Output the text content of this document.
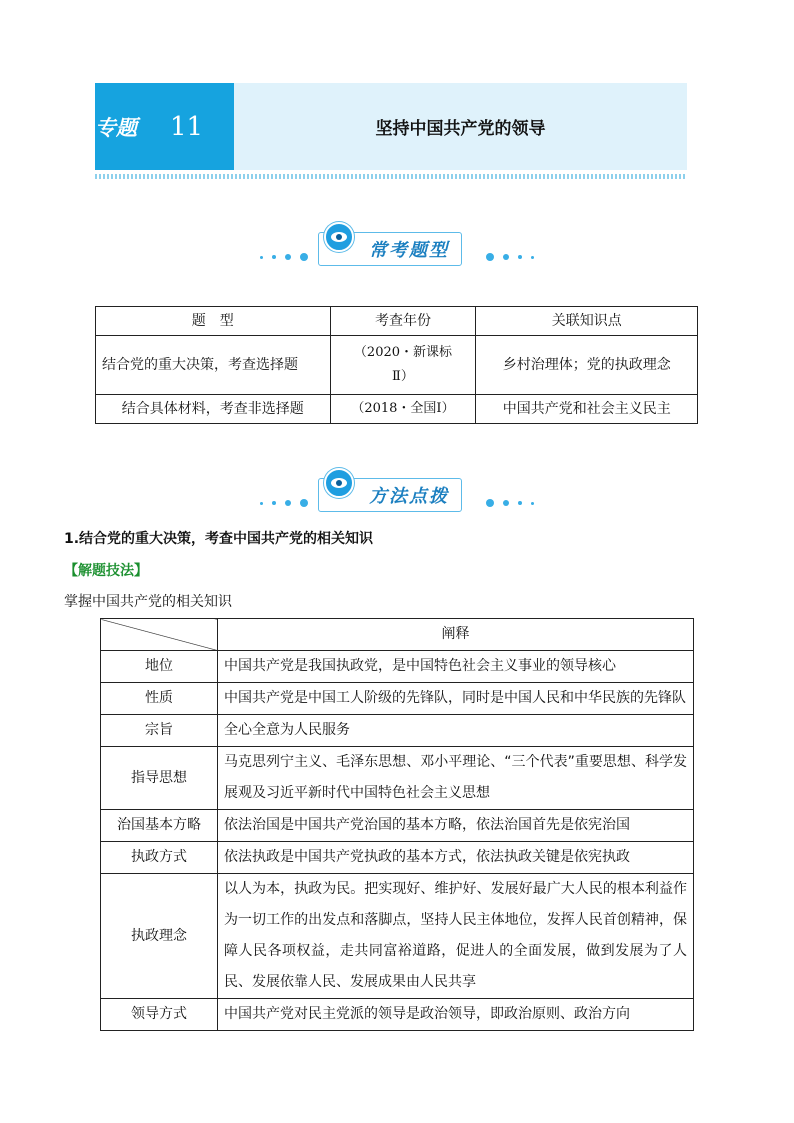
专题	11	坚持中国共产党的领导
常考题型
题　型	考查年份	关联知识点
结合党的重大决策，考查选择题	（2020・新课标Ⅱ）	乡村治理体；党的执政理念
结合具体材料，考查非选择题	（2018・全国Ⅰ）	中国共产党和社会主义民主
方法点拨
1.结合党的重大决策，考查中国共产党的相关知识
【解题技法】
掌握中国共产党的相关知识
	阐释
地位	中国共产党是我国执政党，是中国特色社会主义事业的领导核心
性质	中国共产党是中国工人阶级的先锋队，同时是中国人民和中华民族的先锋队
宗旨	全心全意为人民服务
指导思想	马克思列宁主义、毛泽东思想、邓小平理论、“三个代表”重要思想、科学发展观及习近平新时代中国特色社会主义思想
治国基本方略	依法治国是中国共产党治国的基本方略，依法治国首先是依宪治国
执政方式	依法执政是中国共产党执政的基本方式，依法执政关键是依宪执政
执政理念	以人为本，执政为民。把实现好、维护好、发展好最广大人民的根本利益作为一切工作的出发点和落脚点，坚持人民主体地位，发挥人民首创精神，保障人民各项权益，走共同富裕道路，促进人的全面发展，做到发展为了人民、发展依靠人民、发展成果由人民共享
领导方式	中国共产党对民主党派的领导是政治领导，即政治原则、政治方向
